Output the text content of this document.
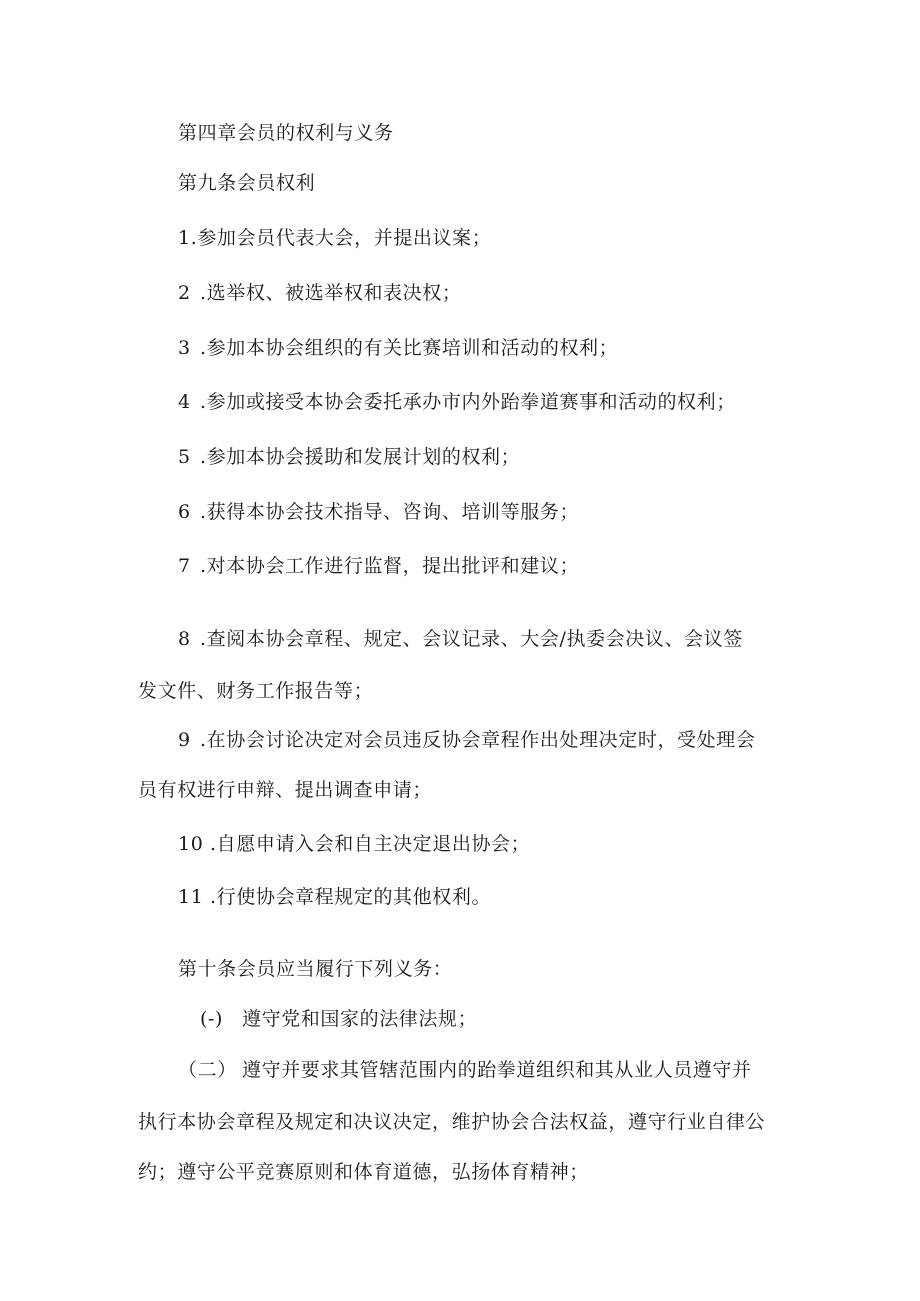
第四章会员的权利与义务
第九条会员权利
1.参加会员代表大会，并提出议案；
2 .选举权、被选举权和表决权；
3 .参加本协会组织的有关比赛培训和活动的权利；
4 .参加或接受本协会委托承办市内外跆拳道赛事和活动的权利；
5 .参加本协会援助和发展计划的权利；
6 .获得本协会技术指导、咨询、培训等服务；
7 .对本协会工作进行监督，提出批评和建议；
8 .查阅本协会章程、规定、会议记录、大会/执委会决议、会议签
发文件、财务工作报告等；
9 .在协会讨论决定对会员违反协会章程作出处理决定时，受处理会
员有权进行申辩、提出调查申请；
10 .自愿申请入会和自主决定退出协会；
11 .行使协会章程规定的其他权利。
第十条会员应当履行下列义务：
(-) 遵守党和国家的法律法规；
（二） 遵守并要求其管辖范围内的跆拳道组织和其从业人员遵守并
执行本协会章程及规定和决议决定，维护协会合法权益，遵守行业自律公
约；遵守公平竞赛原则和体育道德，弘扬体育精神；
